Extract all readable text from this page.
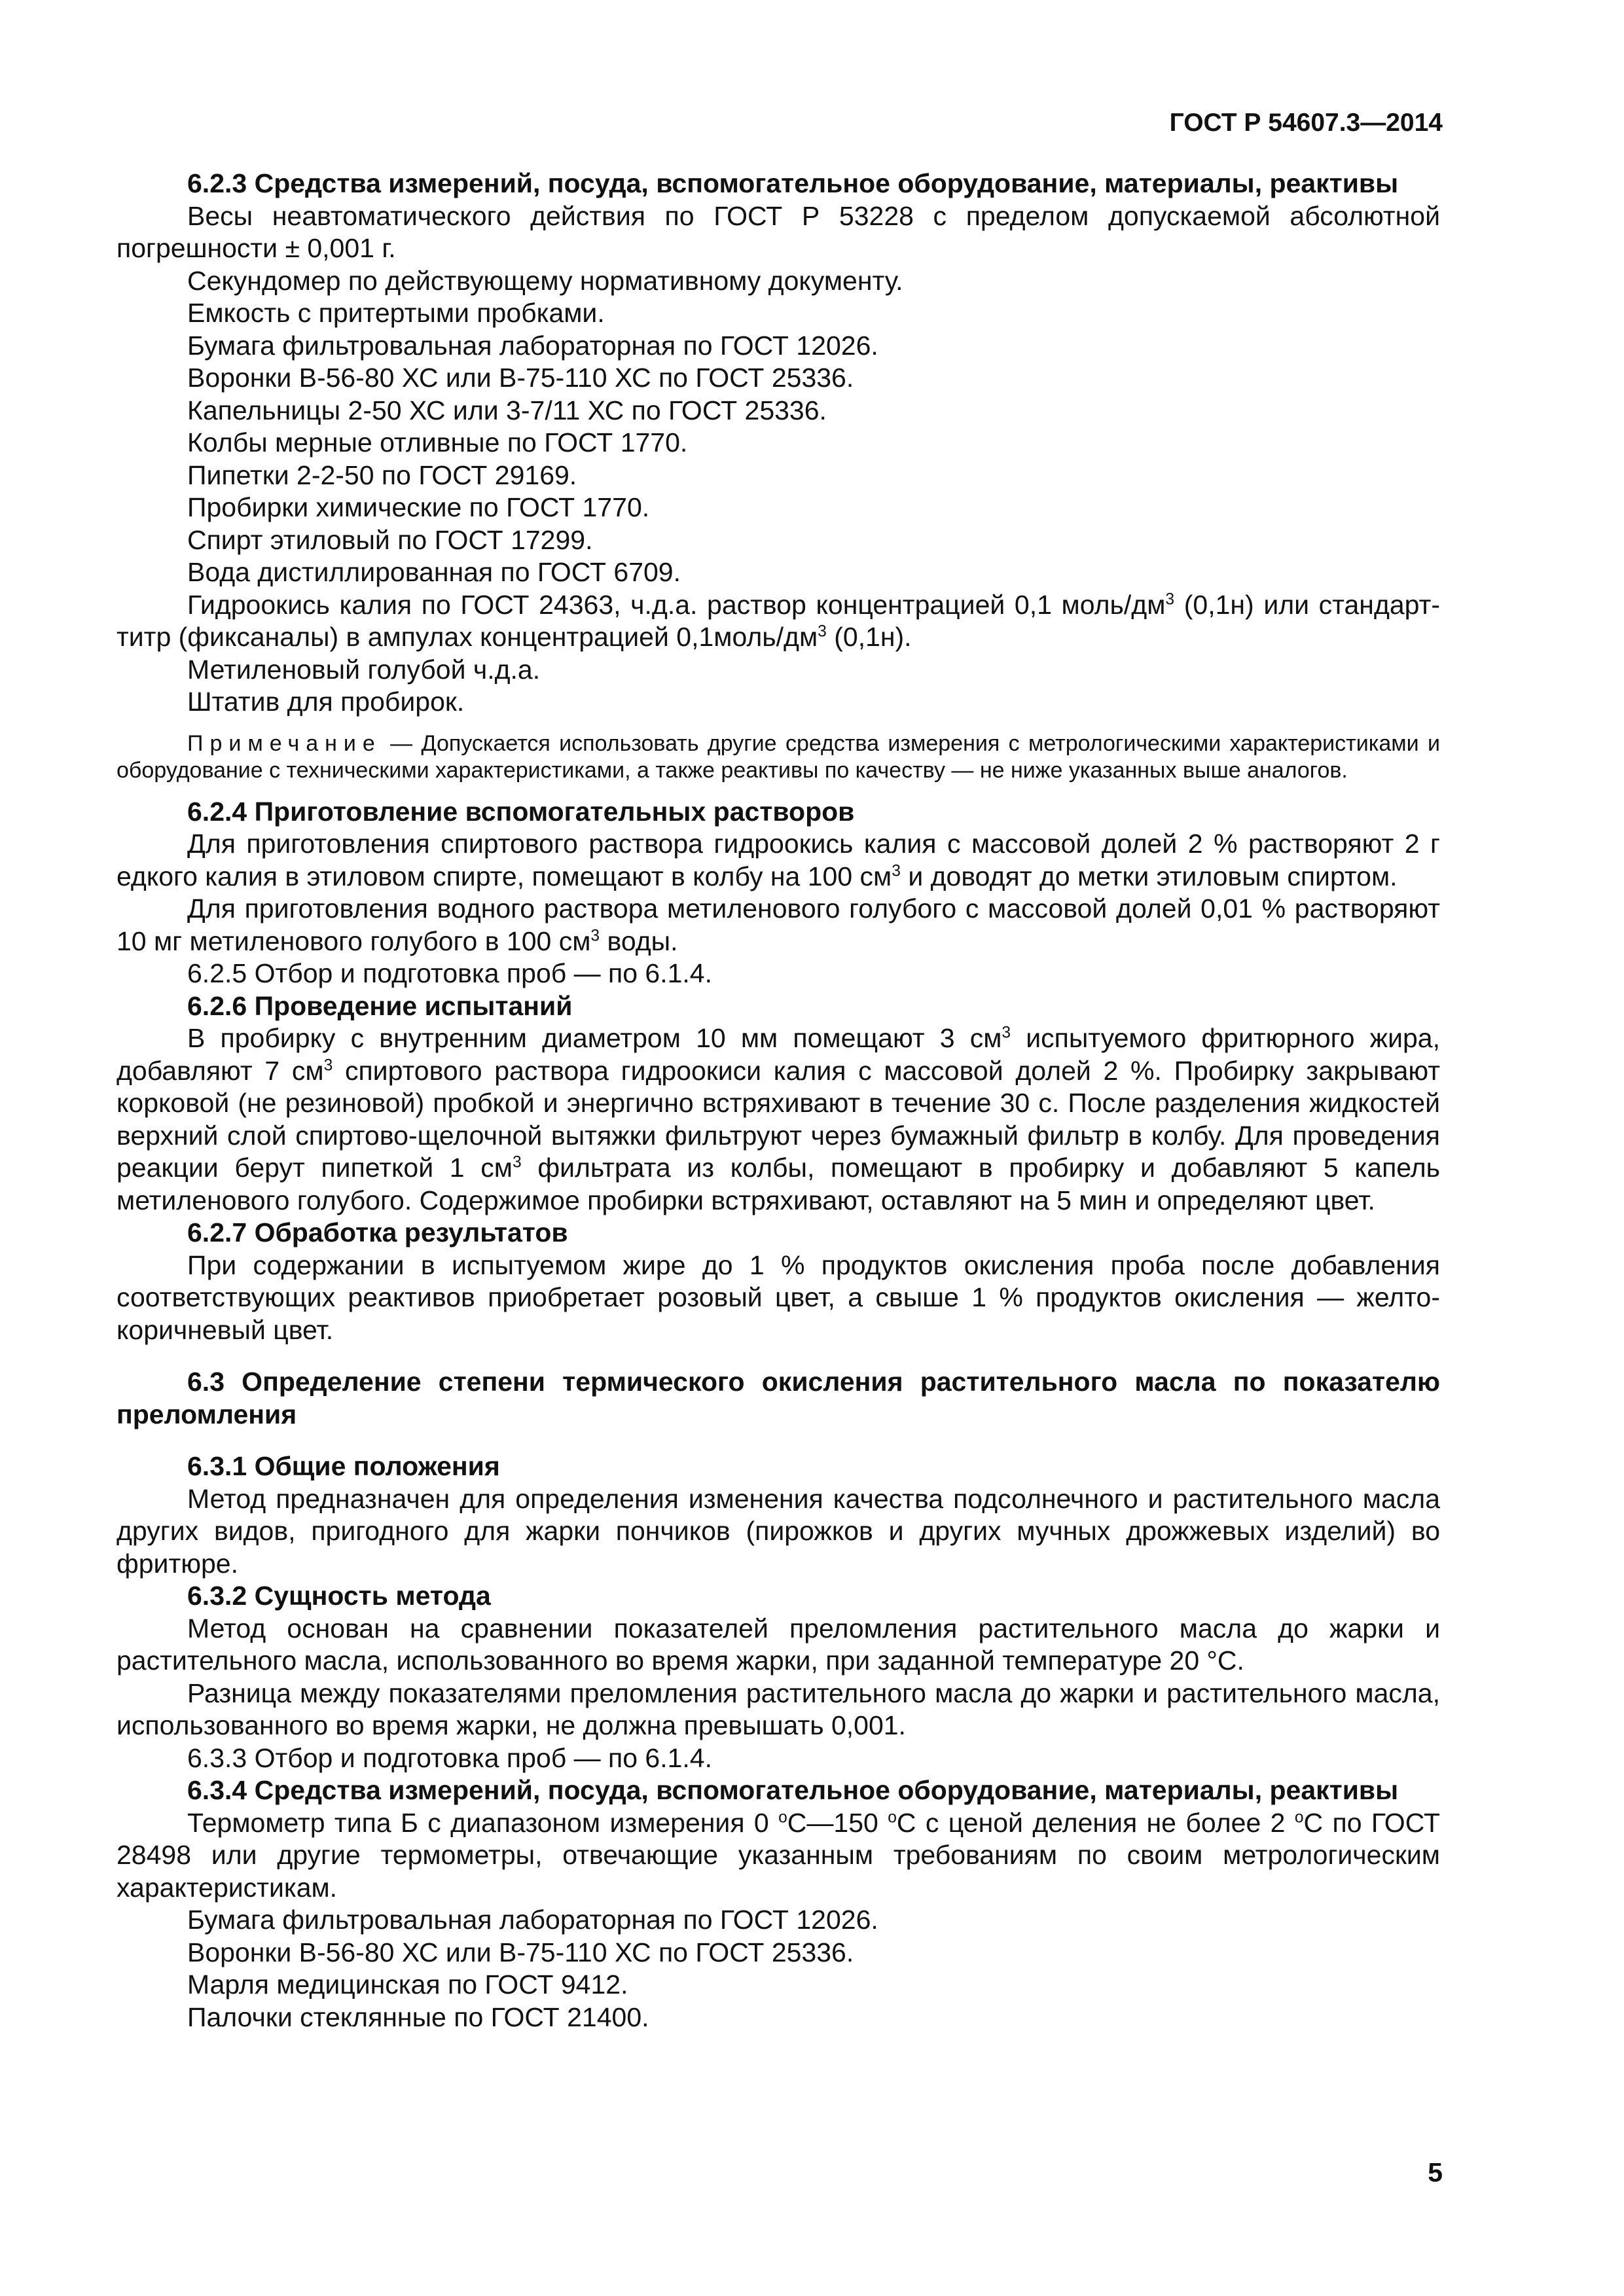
ГОСТ Р 54607.3—2014

6.2.3 Средства измерений, посуда, вспомогательное оборудование, материалы, реактивы

Весы неавтоматического действия по ГОСТ Р 53228 с пределом допускаемой абсолютной погрешности ± 0,001 г.

Секундомер по действующему нормативному документу.

Емкость с притертыми пробками.

Бумага фильтровальная лабораторная по ГОСТ 12026.

Воронки В-56-80 ХС или В-75-110 ХС по ГОСТ 25336.

Капельницы 2-50 ХС или 3-7/11 ХС по ГОСТ 25336.

Колбы мерные отливные по ГОСТ 1770.

Пипетки 2-2-50 по ГОСТ 29169.

Пробирки химические по ГОСТ 1770.

Спирт этиловый по ГОСТ 17299.

Вода дистиллированная по ГОСТ 6709.

Гидроокись калия по ГОСТ 24363, ч.д.а. раствор концентрацией 0,1 моль/$дм^3$ (0,1н) или стандарт-титр (фиксаналы) в ампулах концентрацией $0,1моль/дм^3$ (0,1н).

Метиленовый голубой ч.д.а.

Штатив для пробирок.

Примечание — Допускается использовать другие средства измерения с метрологическими характеристиками и оборудование с техническими характеристиками, а также реактивы по качеству — не ниже указанных выше аналогов.

6.2.4 Приготовление вспомогательных растворов

Для приготовления спиртового раствора гидроокись калия с массовой долей 2 % растворяют 2 г едкого калия в этиловом спирте, помещают в колбу на 100 $см^3$ и доводят до метки этиловым спиртом.

Для приготовления водного раствора метиленового голубого с массовой долей 0,01 % растворяют 10 мг метиленового голубого в 100 $см^3$ воды.

6.2.5 Отбор и подготовка проб — по 6.1.4.

6.2.6 Проведение испытаний

В пробирку с внутренним диаметром 10 мм помещают 3 $см^3$ испытуемого фритюрного жира, добавляют 7 $см^3$ спиртового раствора гидроокиси калия с массовой долей 2 %. Пробирку закрывают корковой (не резиновой) пробкой и энергично встряхивают в течение 30 с. После разделения жидкостей верхний слой спиртово-щелочной вытяжки фильтруют через бумажный фильтр в колбу. Для проведения реакции берут пипеткой 1 $см^3$ фильтрата из колбы, помещают в пробирку и добавляют 5 капель метиленового голубого. Содержимое пробирки встряхивают, оставляют на 5 мин и определяют цвет.

6.2.7 Обработка результатов

При содержании в испытуемом жире до 1 % продуктов окисления проба после добавления соответствующих реактивов приобретает розовый цвет, а свыше 1 % продуктов окисления — желто-коричневый цвет.

6.3 Определение степени термического окисления растительного масла по показателю преломления

6.3.1 Общие положения

Метод предназначен для определения изменения качества подсолнечного и растительного масла других видов, пригодного для жарки пончиков (пирожков и других мучных дрожжевых изделий) во фритюре.

6.3.2 Сущность метода

Метод основан на сравнении показателей преломления растительного масла до жарки и растительного масла, использованного во время жарки, при заданной температуре 20 °С.

Разница между показателями преломления растительного масла до жарки и растительного масла, использованного во время жарки, не должна превышать 0,001.

6.3.3 Отбор и подготовка проб — по 6.1.4.

6.3.4 Средства измерений, посуда, вспомогательное оборудование, материалы, реактивы

Термометр типа Б с диапазоном измерения 0 $^о$С—150 $^о$С с ценой деления не более 2 $^о$С по ГОСТ 28498 или другие термометры, отвечающие указанным требованиям по своим метрологическим характеристикам.

Бумага фильтровальная лабораторная по ГОСТ 12026.

Воронки В-56-80 ХС или В-75-110 ХС по ГОСТ 25336.

Марля медицинская по ГОСТ 9412.

Палочки стеклянные по ГОСТ 21400.

5
